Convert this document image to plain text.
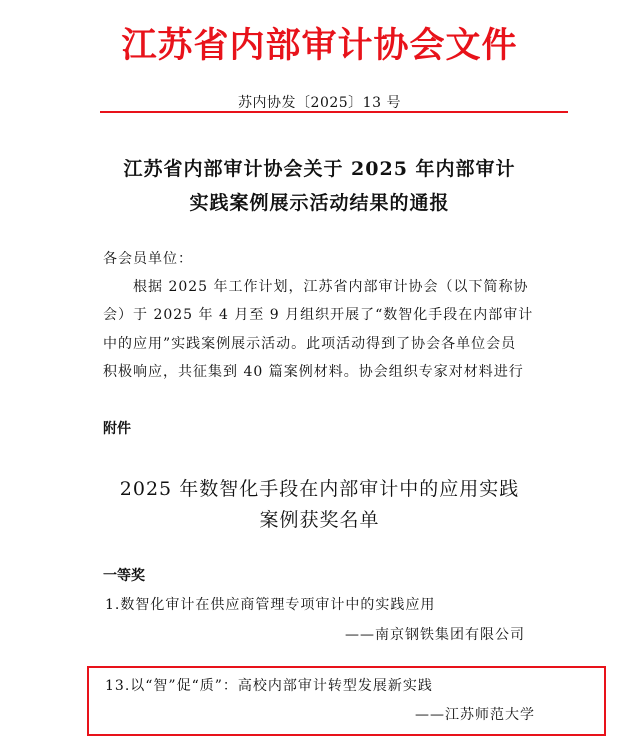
江苏省内部审计协会文件
苏内协发〔2025〕13 号
江苏省内部审计协会关于 2025 年内部审计
实践案例展示活动结果的通报
各会员单位：
根据 2025 年工作计划，江苏省内部审计协会（以下简称协
会）于 2025 年 4 月至 9 月组织开展了“数智化手段在内部审计
中的应用”实践案例展示活动。此项活动得到了协会各单位会员
积极响应，共征集到 40 篇案例材料。协会组织专家对材料进行
附件
2025 年数智化手段在内部审计中的应用实践
案例获奖名单
一等奖
1.数智化审计在供应商管理专项审计中的实践应用
——南京钢铁集团有限公司
13.以“智”促“质”：高校内部审计转型发展新实践
——江苏师范大学
